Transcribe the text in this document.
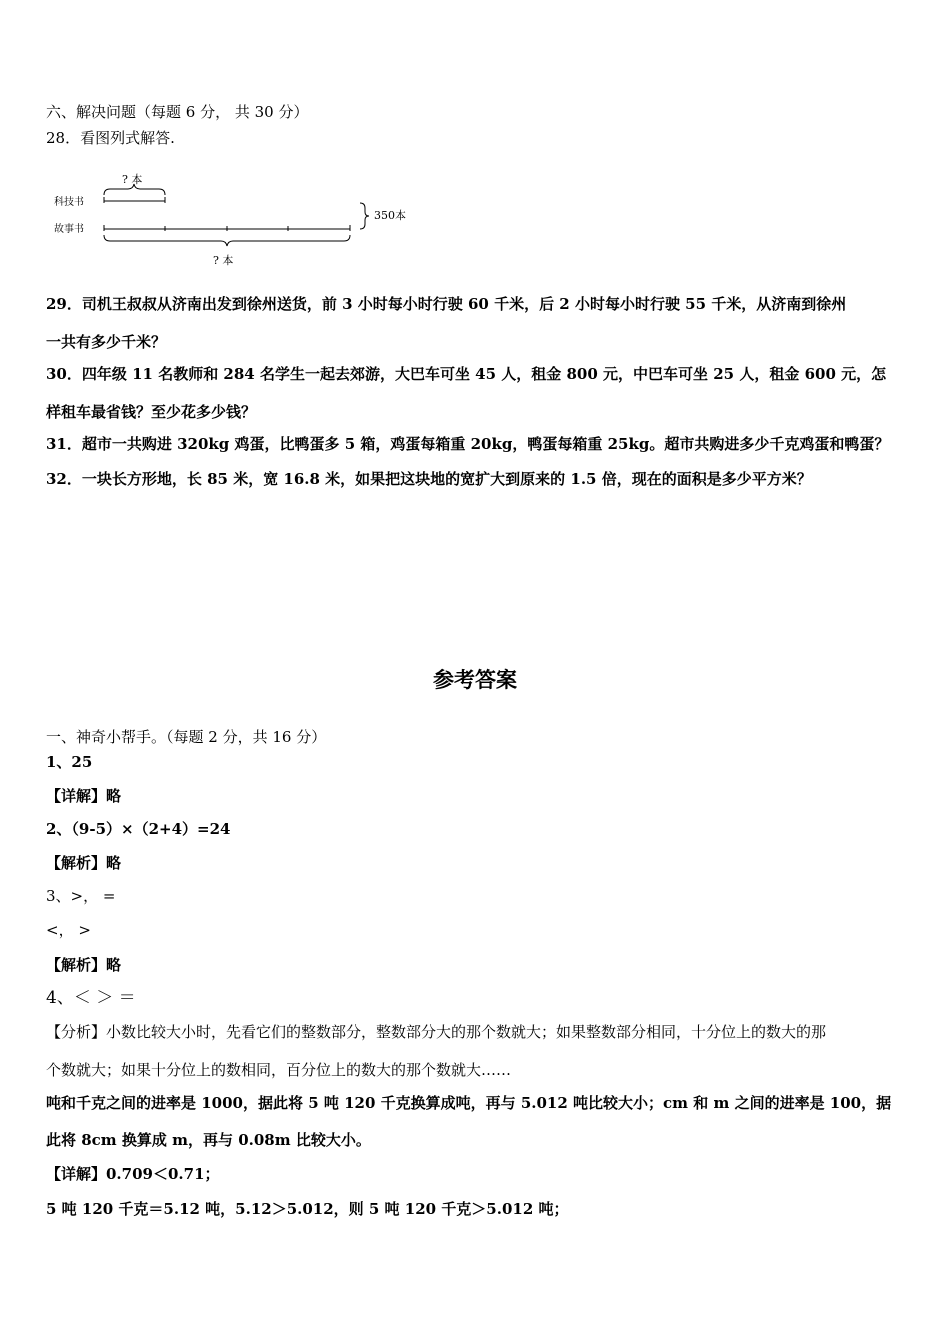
六、解决问题（每题 6 分， 共 30 分）
28．看图列式解答.
? 本
科技书
故事书
? 本
350本
29．司机王叔叔从济南出发到徐州送货，前 3 小时每小时行驶 60 千米，后 2 小时每小时行驶 55 千米，从济南到徐州
一共有多少千米？
30．四年级 11 名教师和 284 名学生一起去郊游，大巴车可坐 45 人，租金 800 元，中巴车可坐 25 人，租金 600 元，怎
样租车最省钱？至少花多少钱？
31．超市一共购进 320kg 鸡蛋，比鸭蛋多 5 箱，鸡蛋每箱重 20kg，鸭蛋每箱重 25kg。超市共购进多少千克鸡蛋和鸭蛋？
32．一块长方形地，长 85 米，宽 16.8 米，如果把这块地的宽扩大到原来的 1.5 倍，现在的面积是多少平方米？
参考答案
一、神奇小帮手。（每题 2 分，共 16 分）
1、25
【详解】略
2、（9-5）×（2+4）=24
【解析】略
3、>， =
<， >
【解析】略
4、＜ ＞ ＝
【分析】小数比较大小时，先看它们的整数部分，整数部分大的那个数就大；如果整数部分相同，十分位上的数大的那
个数就大；如果十分位上的数相同，百分位上的数大的那个数就大……
吨和千克之间的进率是 1000，据此将 5 吨 120 千克换算成吨，再与 5.012 吨比较大小；cm 和 m 之间的进率是 100，据
此将 8cm 换算成 m，再与 0.08m 比较大小。
【详解】0.709＜0.71；
5 吨 120 千克＝5.12 吨，5.12＞5.012，则 5 吨 120 千克＞5.012 吨；
